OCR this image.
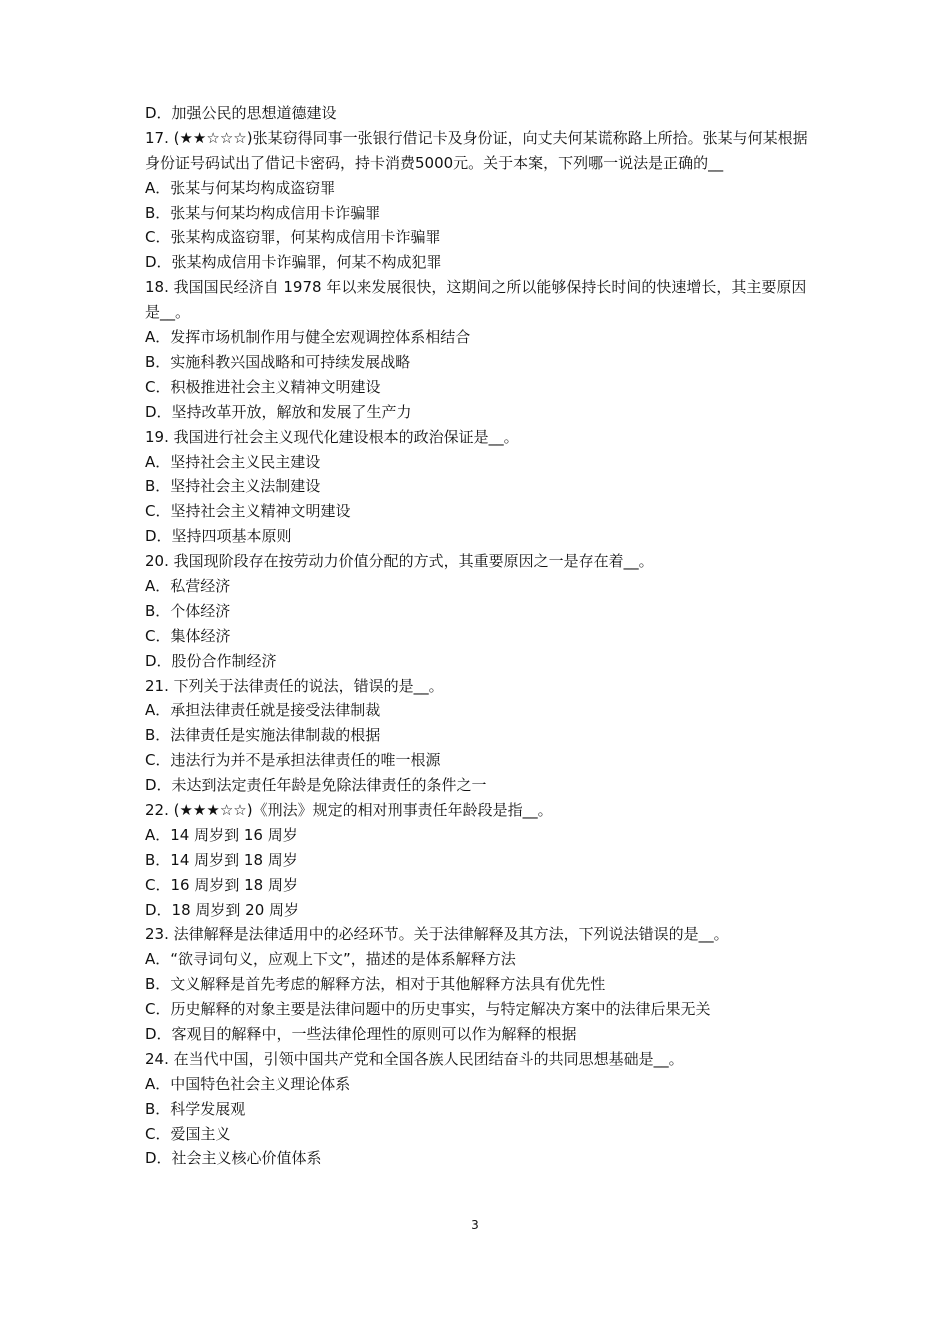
D．加强公民的思想道德建设
17. (★★☆☆☆)张某窃得同事一张银行借记卡及身份证，向丈夫何某谎称路上所拾。张某与何某根据身份证号码试出了借记卡密码，持卡消费5000元。关于本案，下列哪一说法是正确的__
A．张某与何某均构成盗窃罪
B．张某与何某均构成信用卡诈骗罪
C．张某构成盗窃罪，何某构成信用卡诈骗罪
D．张某构成信用卡诈骗罪，何某不构成犯罪
18. 我国国民经济自 1978 年以来发展很快，这期间之所以能够保持长时间的快速增长，其主要原因是__。
A．发挥市场机制作用与健全宏观调控体系相结合
B．实施科教兴国战略和可持续发展战略
C．积极推进社会主义精神文明建设
D．坚持改革开放，解放和发展了生产力
19. 我国进行社会主义现代化建设根本的政治保证是__。
A．坚持社会主义民主建设
B．坚持社会主义法制建设
C．坚持社会主义精神文明建设
D．坚持四项基本原则
20. 我国现阶段存在按劳动力价值分配的方式，其重要原因之一是存在着__。
A．私营经济
B．个体经济
C．集体经济
D．股份合作制经济
21. 下列关于法律责任的说法，错误的是__。
A．承担法律责任就是接受法律制裁
B．法律责任是实施法律制裁的根据
C．违法行为并不是承担法律责任的唯一根源
D．未达到法定责任年龄是免除法律责任的条件之一
22. (★★★☆☆)《刑法》规定的相对刑事责任年龄段是指__。
A．14 周岁到 16 周岁
B．14 周岁到 18 周岁
C．16 周岁到 18 周岁
D．18 周岁到 20 周岁
23. 法律解释是法律适用中的必经环节。关于法律解释及其方法，下列说法错误的是__。
A．“欲寻词句义，应观上下文”，描述的是体系解释方法
B．文义解释是首先考虑的解释方法，相对于其他解释方法具有优先性
C．历史解释的对象主要是法律问题中的历史事实，与特定解决方案中的法律后果无关
D．客观目的解释中，一些法律伦理性的原则可以作为解释的根据
24. 在当代中国，引领中国共产党和全国各族人民团结奋斗的共同思想基础是__。
A．中国特色社会主义理论体系
B．科学发展观
C．爱国主义
D．社会主义核心价值体系
3
